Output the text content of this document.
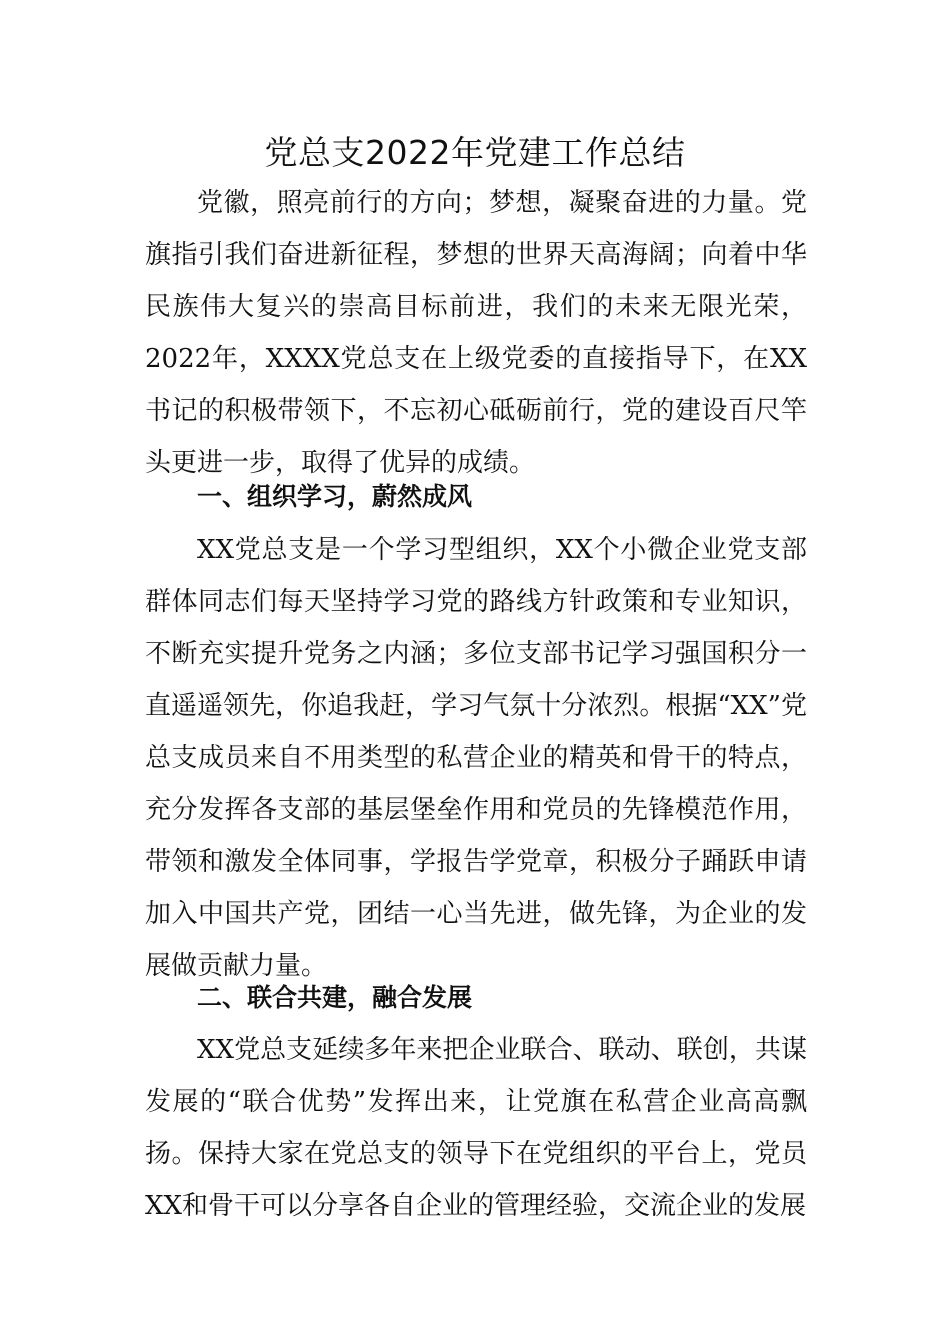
党总支2022年党建工作总结

党徽，照亮前行的方向；梦想，凝聚奋进的力量。党旗指引我们奋进新征程，梦想的世界天高海阔；向着中华民族伟大复兴的崇高目标前进，我们的未来无限光荣，2022年，XXXX党总支在上级党委的直接指导下，在XX书记的积极带领下，不忘初心砥砺前行，党的建设百尺竿头更进一步，取得了优异的成绩。

一、组织学习，蔚然成风

XX党总支是一个学习型组织，XX个小微企业党支部群体同志们每天坚持学习党的路线方针政策和专业知识，不断充实提升党务之内涵；多位支部书记学习强国积分一直遥遥领先，你追我赶，学习气氛十分浓烈。根据“XX”党总支成员来自不用类型的私营企业的精英和骨干的特点，充分发挥各支部的基层堡垒作用和党员的先锋模范作用，带领和激发全体同事，学报告学党章，积极分子踊跃申请加入中国共产党，团结一心当先进，做先锋，为企业的发展做贡献力量。

二、联合共建，融合发展

XX党总支延续多年来把企业联合、联动、联创，共谋发展的“联合优势”发挥出来，让党旗在私营企业高高飘扬。保持大家在党总支的领导下在党组织的平台上，党员XX和骨干可以分享各自企业的管理经验，交流企业的发展
